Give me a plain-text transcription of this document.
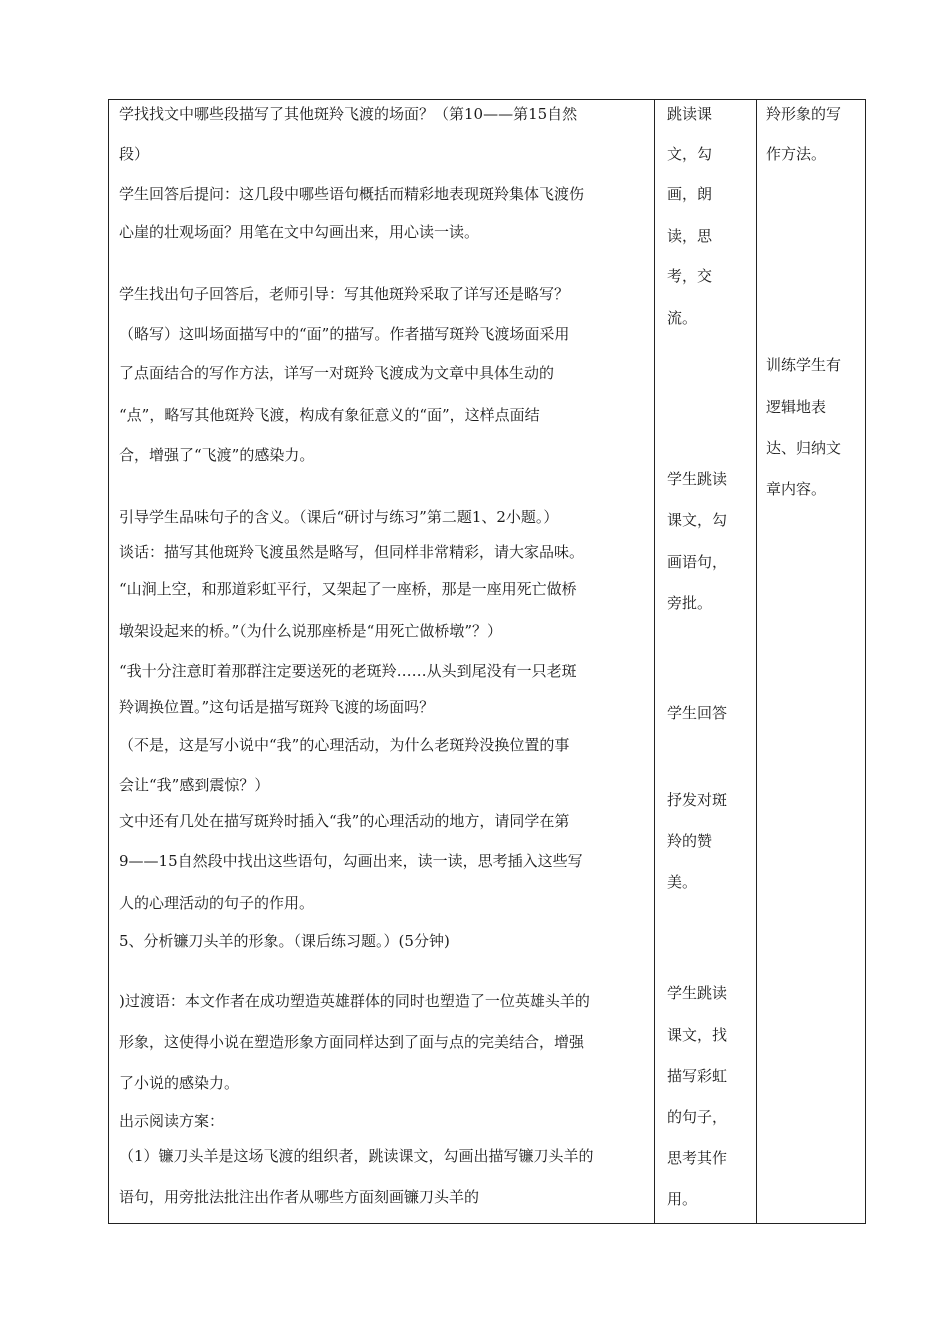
学找找文中哪些段描写了其他斑羚飞渡的场面？（第10——第15自然
段）
学生回答后提问：这几段中哪些语句概括而精彩地表现斑羚集体飞渡伤
心崖的壮观场面？用笔在文中勾画出来，用心读一读。
学生找出句子回答后，老师引导：写其他斑羚采取了详写还是略写？
（略写）这叫场面描写中的“面”的描写。作者描写斑羚飞渡场面采用
了点面结合的写作方法，详写一对斑羚飞渡成为文章中具体生动的
“点”，略写其他斑羚飞渡，构成有象征意义的“面”，这样点面结
合，增强了“飞渡”的感染力。
引导学生品味句子的含义。（课后“研讨与练习”第二题1、2小题。）
谈话：描写其他斑羚飞渡虽然是略写，但同样非常精彩，请大家品味。
“山涧上空，和那道彩虹平行，又架起了一座桥，那是一座用死亡做桥
墩架设起来的桥。”（为什么说那座桥是“用死亡做桥墩”？）
“我十分注意盯着那群注定要送死的老斑羚……从头到尾没有一只老斑
羚调换位置。”这句话是描写斑羚飞渡的场面吗？
（不是，这是写小说中“我”的心理活动，为什么老斑羚没换位置的事
会让“我”感到震惊？）
文中还有几处在描写斑羚时插入“我”的心理活动的地方，请同学在第
9——15自然段中找出这些语句，勾画出来，读一读，思考插入这些写
人的心理活动的句子的作用。
5、分析镰刀头羊的形象。（课后练习题。）(5分钟)
)过渡语：本文作者在成功塑造英雄群体的同时也塑造了一位英雄头羊的
形象，这使得小说在塑造形象方面同样达到了面与点的完美结合，增强
了小说的感染力。
出示阅读方案：
（1）镰刀头羊是这场飞渡的组织者，跳读课文，勾画出描写镰刀头羊的
语句，用旁批法批注出作者从哪些方面刻画镰刀头羊的
跳读课
文，勾
画，朗
读，思
考，交
流。
学生跳读
课文，勾
画语句，
旁批。
学生回答
抒发对斑
羚的赞
美。
学生跳读
课文，找
描写彩虹
的句子，
思考其作
用。
羚形象的写
作方法。
训练学生有
逻辑地表
达、归纳文
章内容。
